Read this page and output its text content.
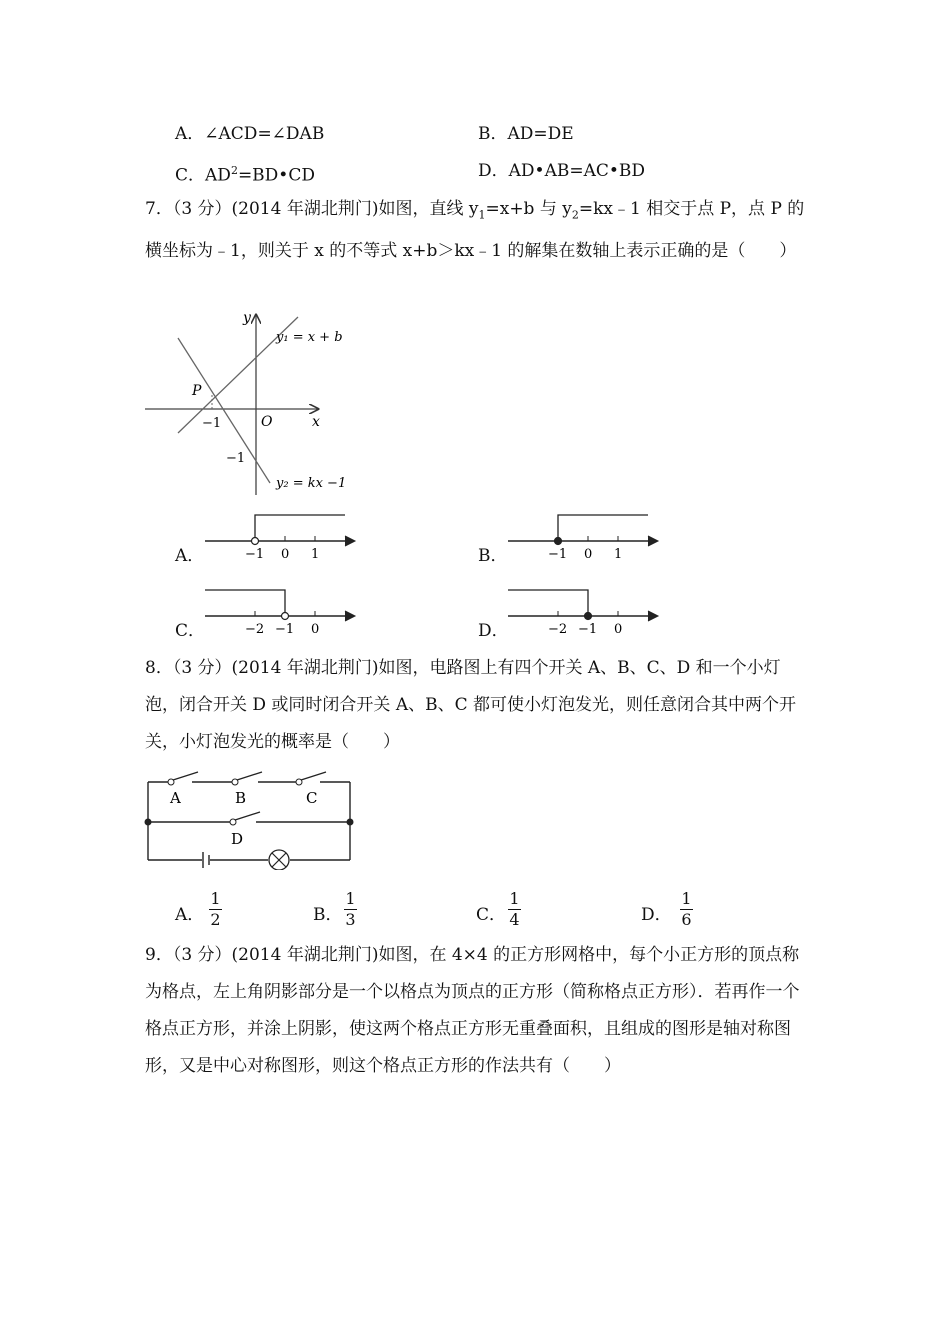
A．∠ACD=∠DAB	B．AD=DE
C．$AD^2=BD•CD$	D．AD•AB=AC•BD
7．（3 分）(2014 年湖北荆门)如图，直线 $y_1=x+b$ 与 $y_2=kx﹣1$ 相交于点 P，点 P 的横坐标为﹣1，则关于 x 的不等式 x+b＞kx﹣1 的解集在数轴上表示正确的是（　　）
y
x
O
P
−1
−1
y₁ = x + b
y₂ = kx −1
A．	−1 0 1	B．	−1 0 1
C．	−2 −1 0	D．	−2 −1 0
8．（3 分）(2014 年湖北荆门)如图，电路图上有四个开关 A、B、C、D 和一个小灯泡，闭合开关 D 或同时闭合开关 A、B、C 都可使小灯泡发光，则任意闭合其中两个开关，小灯泡发光的概率是（　　）
A	B	C
D
A．
1
2	B．
1
3	C．
1
4	D．
1
6
9．（3 分）(2014 年湖北荆门)如图，在 4×4 的正方形网格中，每个小正方形的顶点称为格点，左上角阴影部分是一个以格点为顶点的正方形（简称格点正方形）．若再作一个格点正方形，并涂上阴影，使这两个格点正方形无重叠面积，且组成的图形是轴对称图形，又是中心对称图形，则这个格点正方形的作法共有（　　）
